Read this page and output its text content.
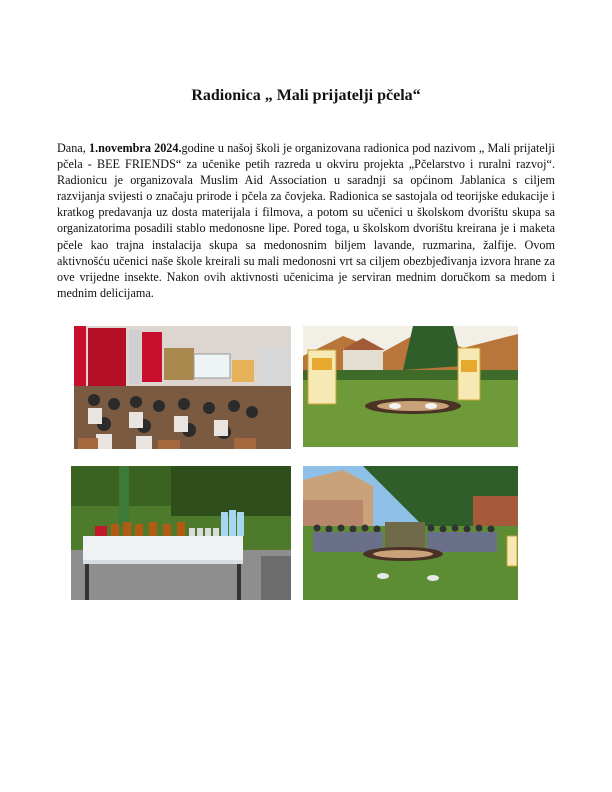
Radionica „ Mali prijatelji pčela“
Dana, 1.novembra 2024.godine u našoj školi je organizovana radionica pod nazivom „ Mali prijatelji pčela - BEE FRIENDS“ za učenike petih razreda u okviru projekta „Pčelarstvo i ruralni razvoj“. Radionicu je organizovala Muslim Aid Association u saradnji sa općinom Jablanica s ciljem razvijanja svijesti o značaju prirode i pčela za čovjeka. Radionica se sastojala od teorijske edukacije i kratkog predavanja uz dosta materijala i filmova, a potom su učenici u školskom dvorištu skupa sa organizatorima posadili stablo medonosne lipe. Pored toga, u školskom dvorištu kreirana je i maketa pčele kao trajna instalacija skupa sa medonosnim biljem lavande, ruzmarina, žalfije. Ovom aktivnošću učenici naše škole kreirali su mali medonosni vrt sa ciljem obezbjeđivanja izvora hrane za ove vrijedne insekte. Nakon ovih aktivnosti učenicima je serviran mednim doručkom sa medom i mednim delicijama.
